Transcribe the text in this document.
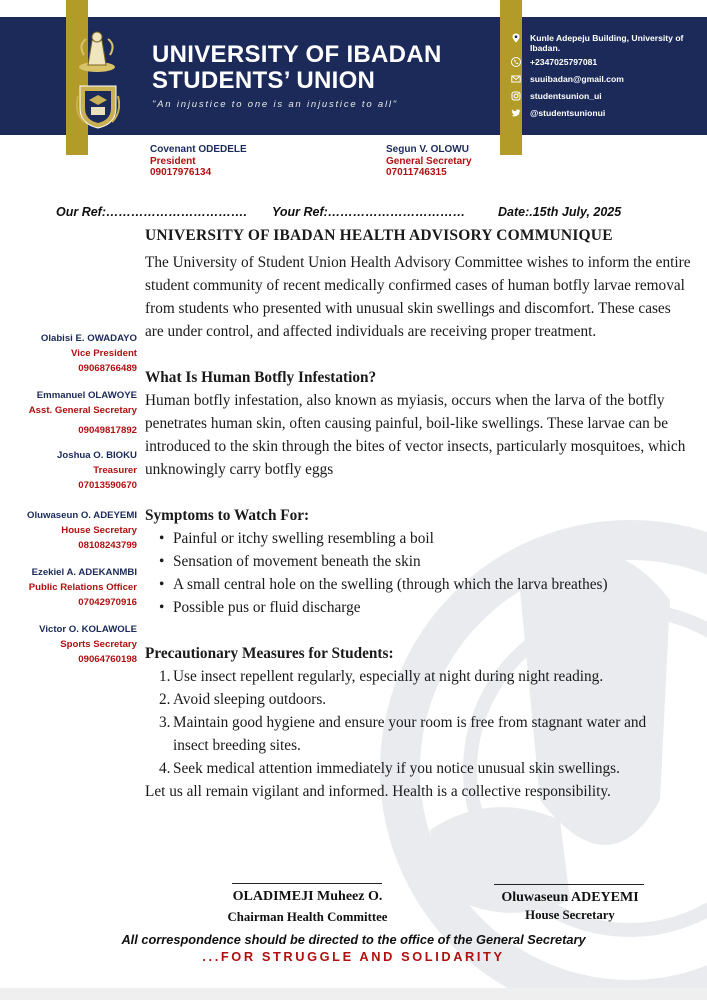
UNIVERSITY OF IBADAN
STUDENTS’ UNION
"An injustice to one is an injustice to all"
Kunle Adepeju Building, University of Ibadan.
+2347025797081
suuibadan@gmail.com
studentsunion_ui
@studentsunionui
Covenant ODEDELE
President
09017976134
Segun V. OLOWU
General Secretary
07011746315
Our Ref:……………………………. Your Ref:……………………………	Date:.15th July, 2025
Olabisi E. OWADAYO
Vice President
09068766489
Emmanuel OLAWOYE
Asst. General Secretary
09049817892
Joshua O. BIOKU
Treasurer
07013590670
Oluwaseun O. ADEYEMI
House Secretary
08108243799
Ezekiel A. ADEKANMBI
Public Relations Officer
07042970916
Victor O. KOLAWOLE
Sports Secretary
09064760198
UNIVERSITY OF IBADAN HEALTH ADVISORY COMMUNIQUE
The University of Student Union Health Advisory Committee wishes to inform the entire student community of recent medically confirmed cases of human botfly larvae removal from students who presented with unusual skin swellings and discomfort. These cases are under control, and affected individuals are receiving proper treatment.
What Is Human Botfly Infestation?
Human botfly infestation, also known as myiasis, occurs when the larva of the botfly penetrates human skin, often causing painful, boil-like swellings. These larvae can be introduced to the skin through the bites of vector insects, particularly mosquitoes, which unknowingly carry botfly eggs
Symptoms to Watch For:
• Painful or itchy swelling resembling a boil
• Sensation of movement beneath the skin
• A small central hole on the swelling (through which the larva breathes)
• Possible pus or fluid discharge
Precautionary Measures for Students:
1. Use insect repellent regularly, especially at night during night reading.
2. Avoid sleeping outdoors.
3. Maintain good hygiene and ensure your room is free from stagnant water and insect breeding sites.
4. Seek medical attention immediately if you notice unusual skin swellings.
Let us all remain vigilant and informed. Health is a collective responsibility.
OLADIMEJI Muheez O.
Chairman Health Committee
Oluwaseun ADEYEMI
House Secretary
All correspondence should be directed to the office of the General Secretary
...FOR STRUGGLE AND SOLIDARITY
